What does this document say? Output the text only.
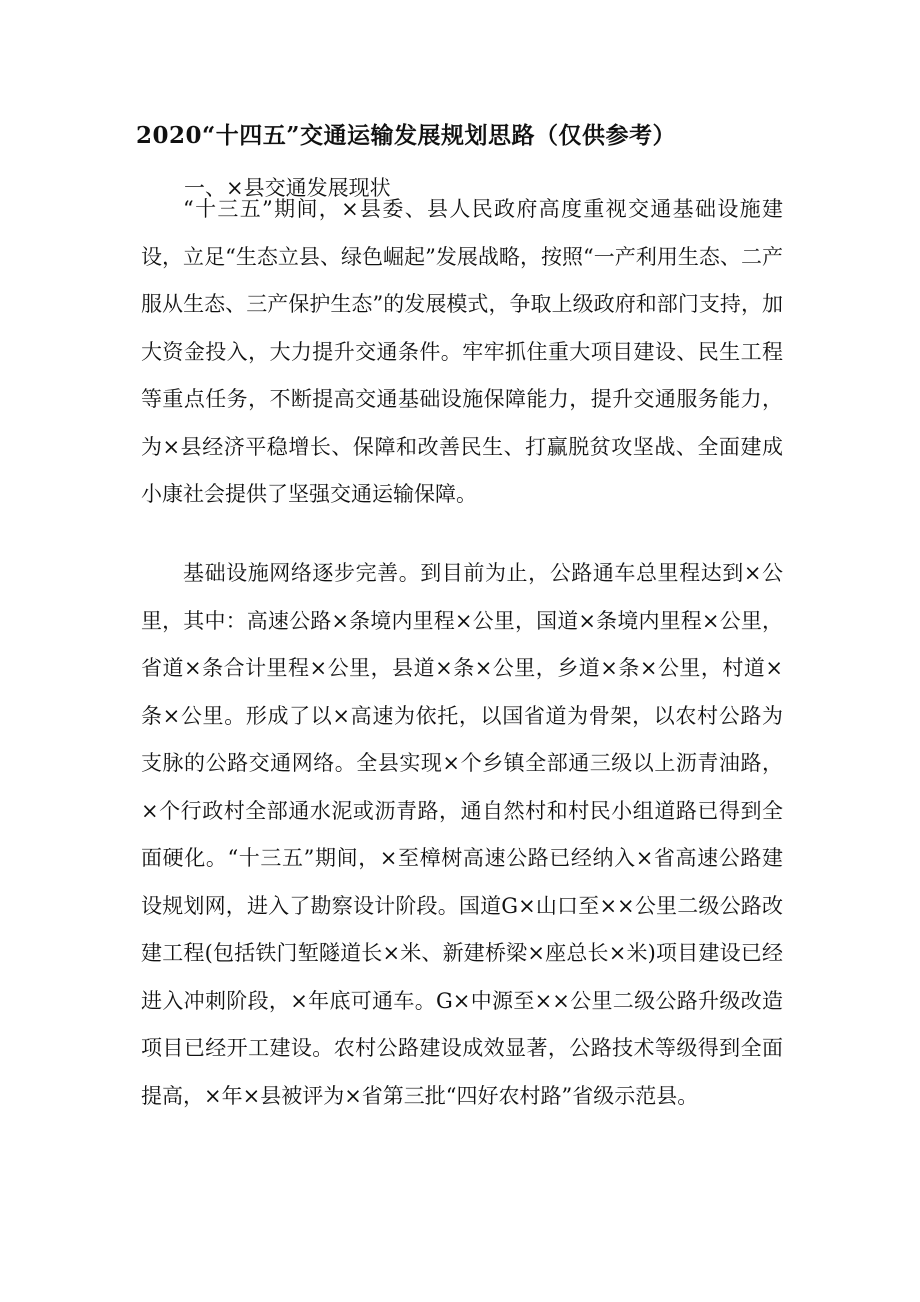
2020“十四五”交通运输发展规划思路（仅供参考）
一、×县交通发展现状

“十三五”期间，×县委、县人民政府高度重视交通基础设施建设，立足“生态立县、绿色崛起”发展战略，按照“一产利用生态、二产服从生态、三产保护生态”的发展模式，争取上级政府和部门支持，加大资金投入，大力提升交通条件。牢牢抓住重大项目建设、民生工程等重点任务，不断提高交通基础设施保障能力，提升交通服务能力，为×县经济平稳增长、保障和改善民生、打赢脱贫攻坚战、全面建成小康社会提供了坚强交通运输保障。

基础设施网络逐步完善。到目前为止，公路通车总里程达到×公里，其中：高速公路×条境内里程×公里，国道×条境内里程×公里，省道×条合计里程×公里，县道×条×公里，乡道×条×公里，村道×条×公里。形成了以×高速为依托，以国省道为骨架，以农村公路为支脉的公路交通网络。全县实现×个乡镇全部通三级以上沥青油路，×个行政村全部通水泥或沥青路，通自然村和村民小组道路已得到全面硬化。“十三五”期间，×至樟树高速公路已经纳入×省高速公路建设规划网，进入了勘察设计阶段。国道G×山口至××公里二级公路改建工程(包括铁门堑隧道长×米、新建桥梁×座总长×米)项目建设已经进入冲刺阶段，×年底可通车。G×中源至××公里二级公路升级改造项目已经开工建设。农村公路建设成效显著，公路技术等级得到全面提高，×年×县被评为×省第三批“四好农村路”省级示范县。
